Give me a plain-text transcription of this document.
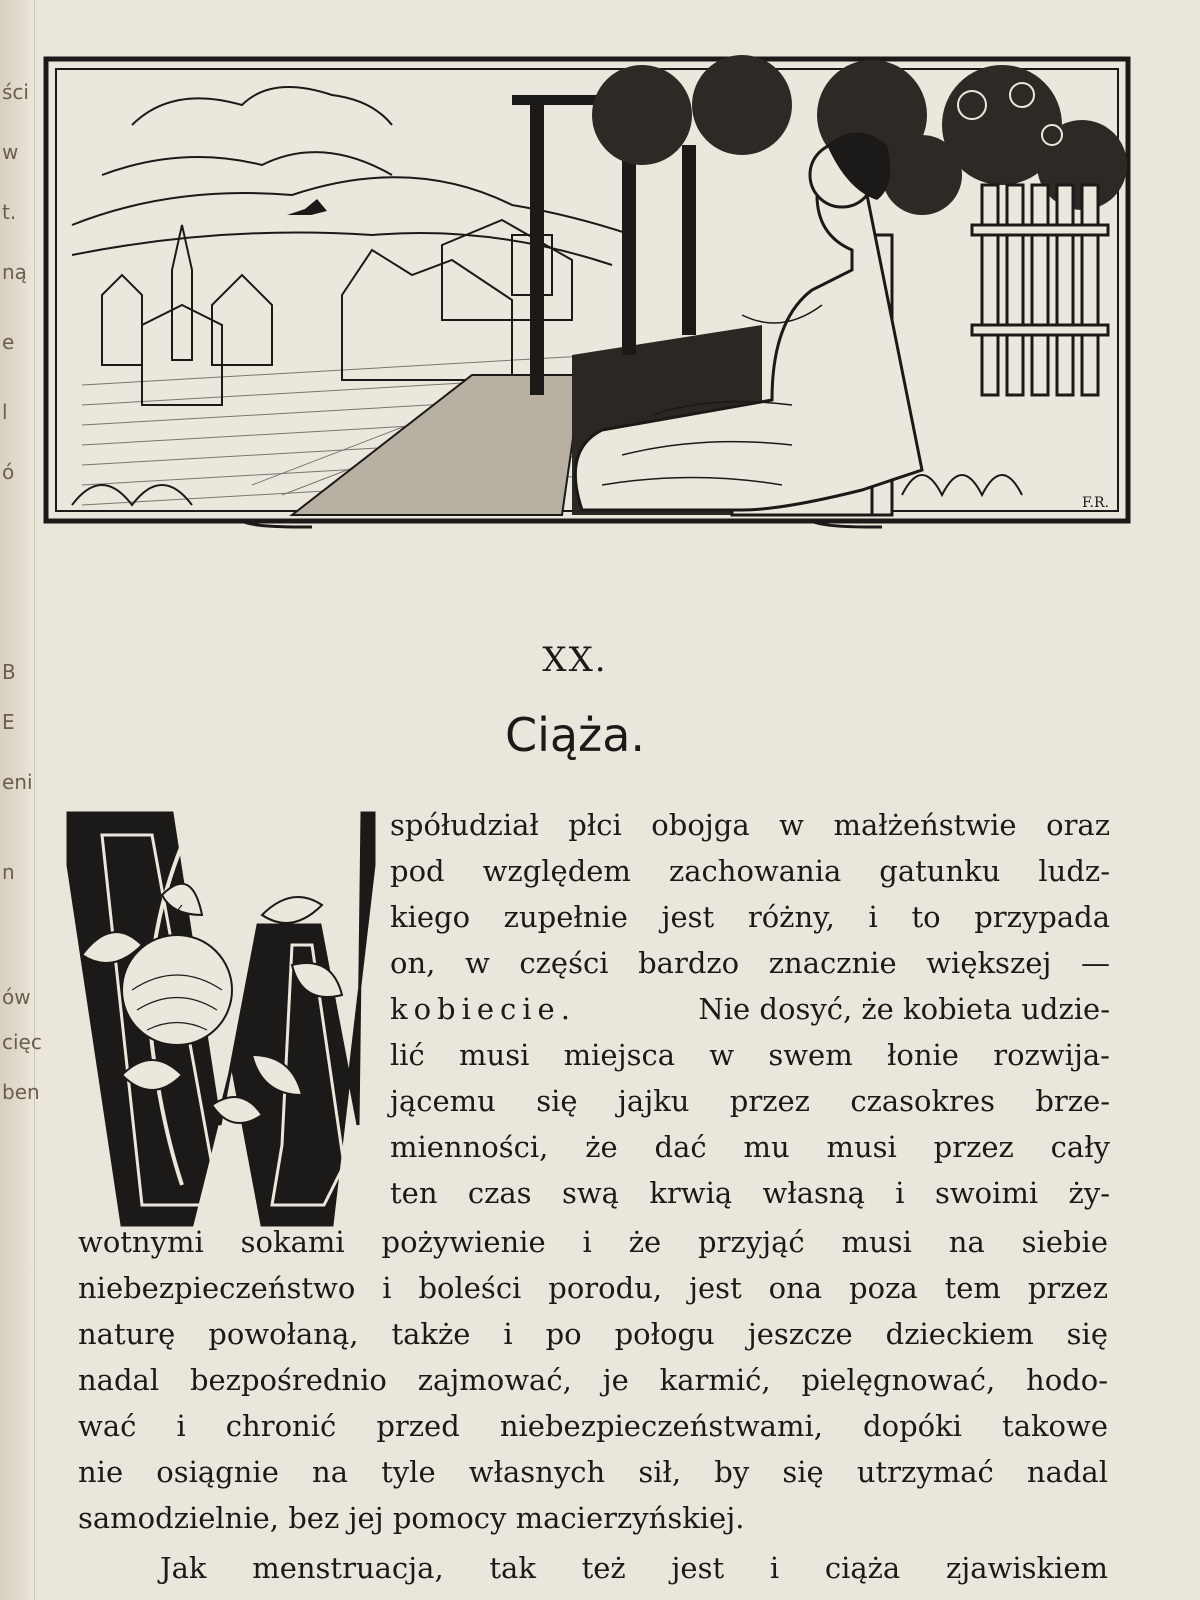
ści
w
t.
ną
e
l
ó
B
E
eni
n
ów
cięc
ben
F.R.
XX.
Ciąża.
spółudział płci obojga w małżeństwie oraz
pod względem zachowania gatunku ludz-
kiego zupełnie jest różny, i to przypada
on, w części bardzo znacznie większej —
kobiecie.	Nie dosyć, że kobieta udzie-
lić musi miejsca w swem łonie rozwija-
jącemu się jajku przez czasokres brze-
mienności, że dać mu musi przez cały
ten czas swą krwią własną i swoimi ży-
wotnymi sokami pożywienie i że przyjąć musi na siebie
niebezpieczeństwo i boleści porodu, jest ona poza tem przez
naturę powołaną, także i po połogu jeszcze dzieckiem się
nadal bezpośrednio zajmować, je karmić, pielęgnować, hodo-
wać i chronić przed niebezpieczeństwami, dopóki takowe
nie osiągnie na tyle własnych sił, by się utrzymać nadal
samodzielnie, bez jej pomocy macierzyńskiej.
Jak menstruacja, tak też jest i ciąża zjawiskiem
